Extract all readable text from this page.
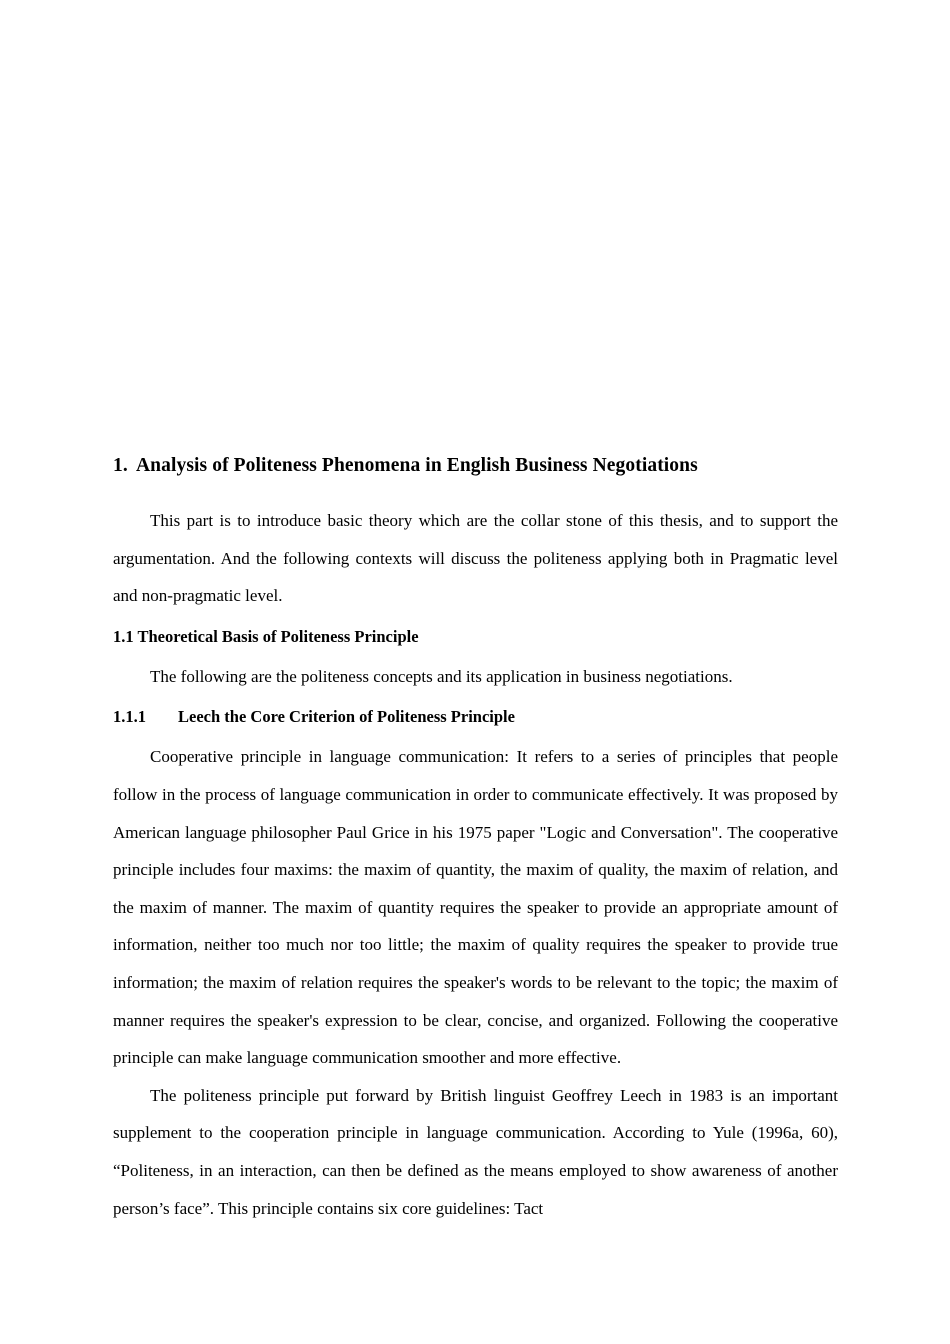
1. Analysis of Politeness Phenomena in English Business Negotiations

This part is to introduce basic theory which are the collar stone of this thesis, and to support the argumentation. And the following contexts will discuss the politeness applying both in Pragmatic level and non-pragmatic level.

1.1 Theoretical Basis of Politeness Principle

The following are the politeness concepts and its application in business negotiations.

1.1.1 Leech the Core Criterion of Politeness Principle

Cooperative principle in language communication: It refers to a series of principles that people follow in the process of language communication in order to communicate effectively. It was proposed by American language philosopher Paul Grice in his 1975 paper "Logic and Conversation". The cooperative principle includes four maxims: the maxim of quantity, the maxim of quality, the maxim of relation, and the maxim of manner. The maxim of quantity requires the speaker to provide an appropriate amount of information, neither too much nor too little; the maxim of quality requires the speaker to provide true information; the maxim of relation requires the speaker's words to be relevant to the topic; the maxim of manner requires the speaker's expression to be clear, concise, and organized. Following the cooperative principle can make language communication smoother and more effective.

The politeness principle put forward by British linguist Geoffrey Leech in 1983 is an important supplement to the cooperation principle in language communication. According to Yule (1996a, 60), “Politeness, in an interaction, can then be defined as the means employed to show awareness of another person’s face”. This principle contains six core guidelines: Tact
